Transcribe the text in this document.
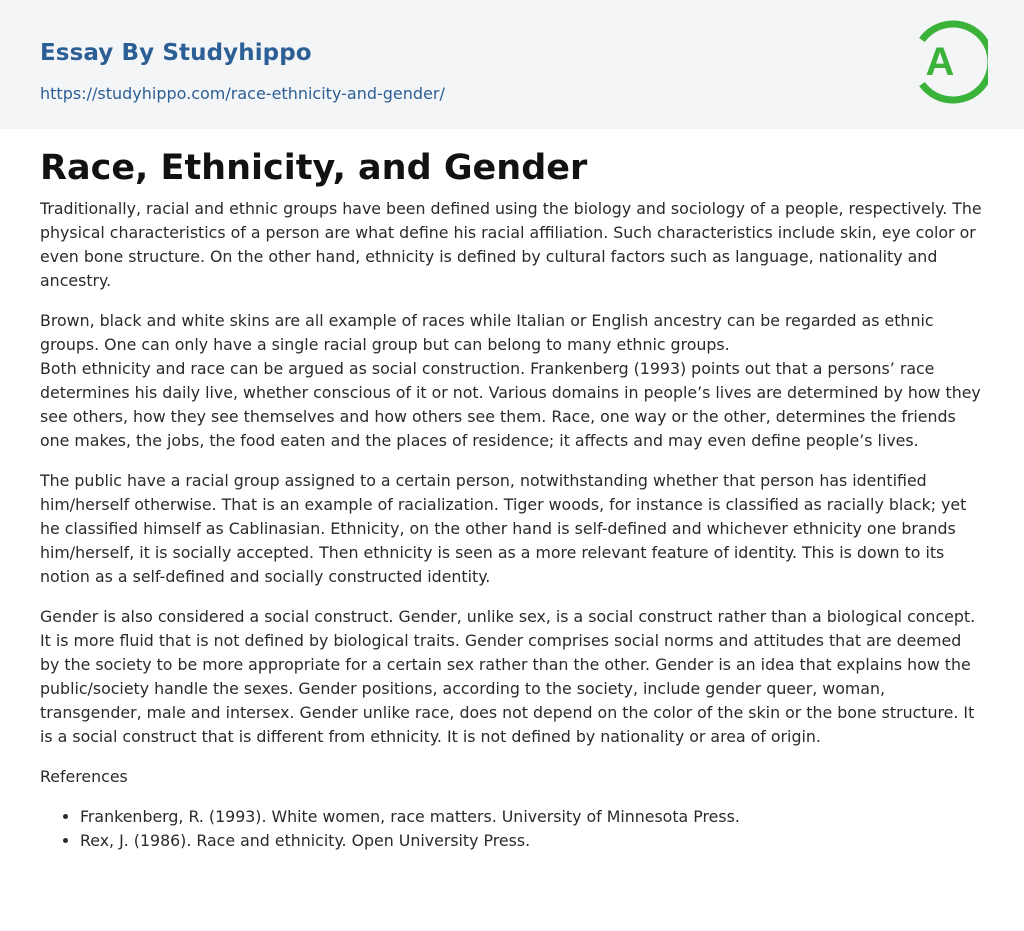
Essay By Studyhippo
https://studyhippo.com/race-ethnicity-and-gender/
A
Race, Ethnicity, and Gender

Traditionally, racial and ethnic groups have been defined using the biology and sociology of a people, respectively. The physical characteristics of a person are what define his racial affiliation. Such characteristics include skin, eye color or even bone structure. On the other hand, ethnicity is defined by cultural factors such as language, nationality and ancestry.

Brown, black and white skins are all example of races while Italian or English ancestry can be regarded as ethnic groups. One can only have a single racial group but can belong to many ethnic groups.

Both ethnicity and race can be argued as social construction. Frankenberg (1993) points out that a persons’ race determines his daily live, whether conscious of it or not. Various domains in people’s lives are determined by how they see others, how they see themselves and how others see them. Race, one way or the other, determines the friends one makes, the jobs, the food eaten and the places of residence; it affects and may even define people’s lives.

The public have a racial group assigned to a certain person, notwithstanding whether that person has identified him/herself otherwise. That is an example of racialization. Tiger woods, for instance is classified as racially black; yet he classified himself as Cablinasian. Ethnicity, on the other hand is self-defined and whichever ethnicity one brands him/herself, it is socially accepted. Then ethnicity is seen as a more relevant feature of identity. This is down to its notion as a self-defined and socially constructed identity.

Gender is also considered a social construct. Gender, unlike sex, is a social construct rather than a biological concept. It is more fluid that is not defined by biological traits. Gender comprises social norms and attitudes that are deemed by the society to be more appropriate for a certain sex rather than the other. Gender is an idea that explains how the public/society handle the sexes. Gender positions, according to the society, include gender queer, woman, transgender, male and intersex. Gender unlike race, does not depend on the color of the skin or the bone structure. It is a social construct that is different from ethnicity. It is not defined by nationality or area of origin.

References

• Frankenberg, R. (1993). White women, race matters. University of Minnesota Press.
• Rex, J. (1986). Race and ethnicity. Open University Press.
